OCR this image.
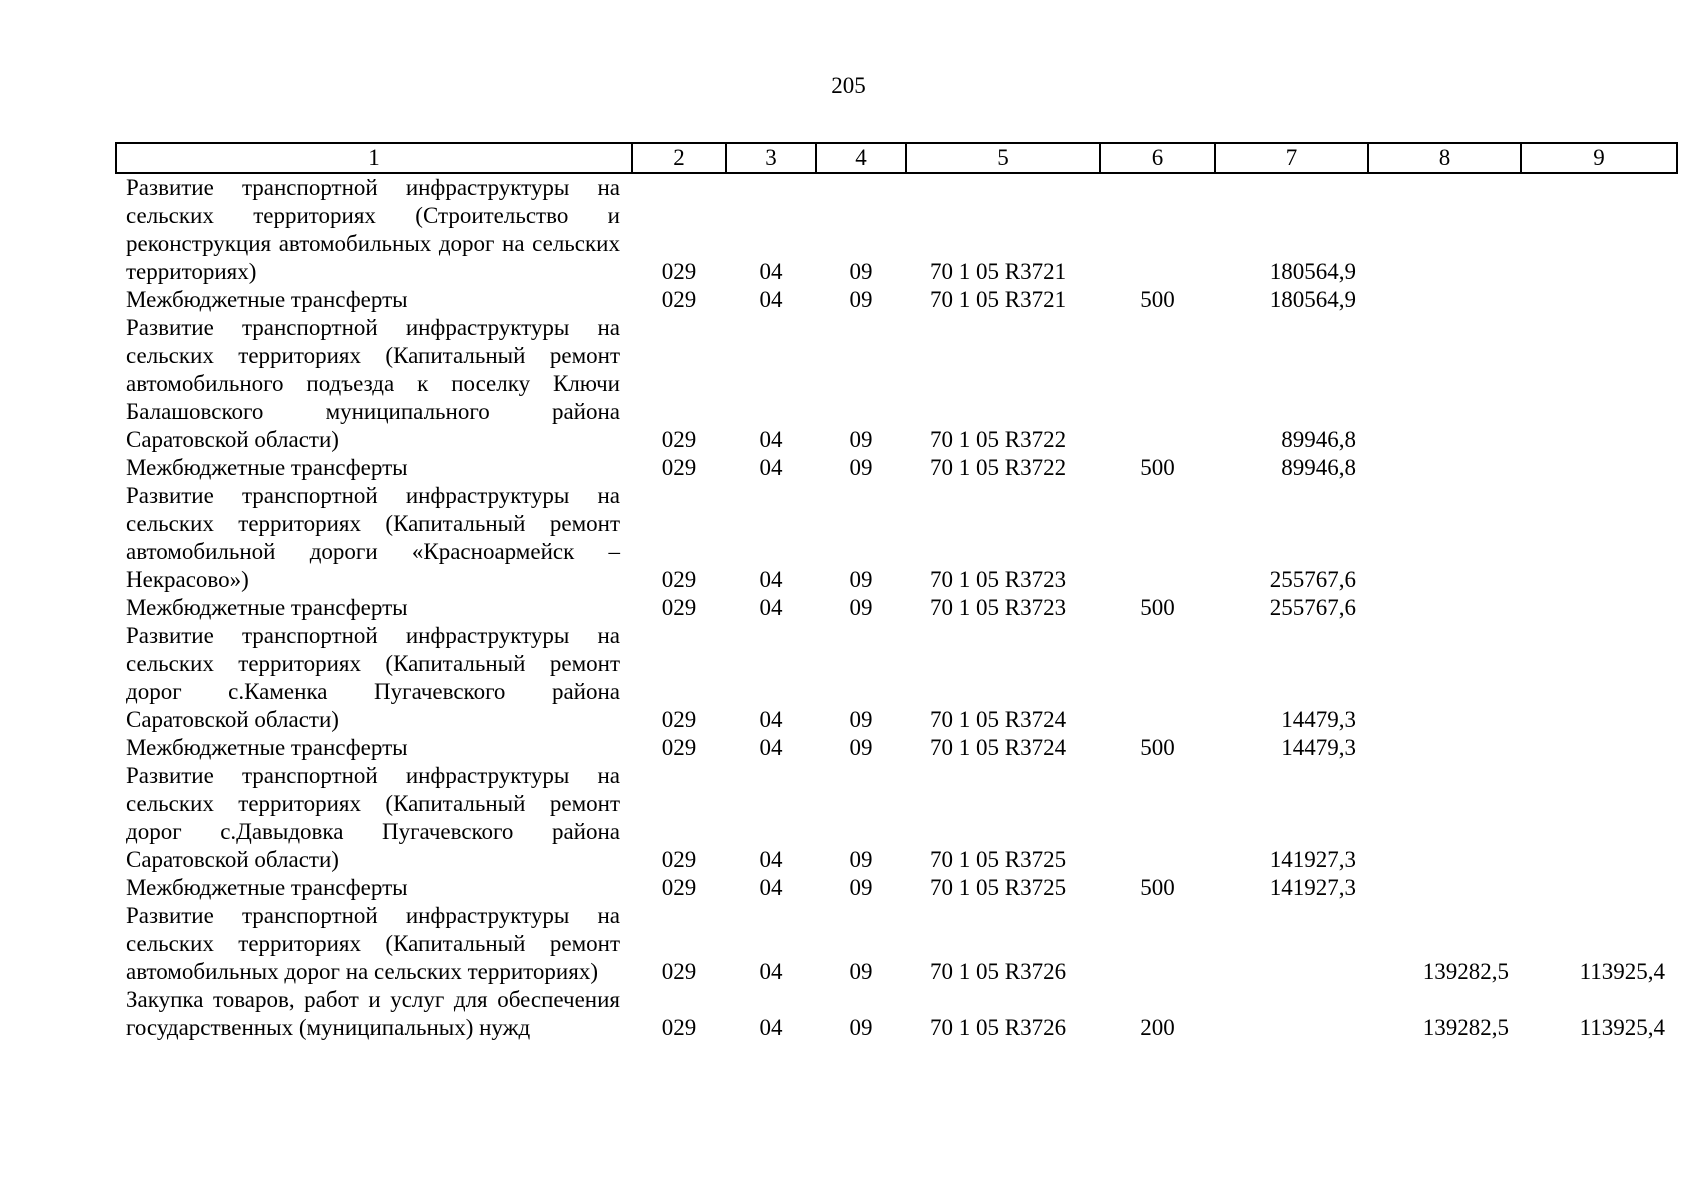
205
1	2	3	4	5	6	7	8	9
Развитие транспортной инфраструктуры на сельских территориях (Строительство и реконструкция автомобильных дорог на сельских территориях)	029	04	09	70 1 05 R3721		180564,9		
Межбюджетные трансферты	029	04	09	70 1 05 R3721	500	180564,9		
Развитие транспортной инфраструктуры на сельских территориях (Капитальный ремонт автомобильного подъезда к поселку Ключи Балашовского муниципального района Саратовской области)	029	04	09	70 1 05 R3722		89946,8		
Межбюджетные трансферты	029	04	09	70 1 05 R3722	500	89946,8		
Развитие транспортной инфраструктуры на сельских территориях (Капитальный ремонт автомобильной дороги «Красноармейск – Некрасово»)	029	04	09	70 1 05 R3723		255767,6		
Межбюджетные трансферты	029	04	09	70 1 05 R3723	500	255767,6		
Развитие транспортной инфраструктуры на сельских территориях (Капитальный ремонт дорог с.Каменка Пугачевского района Саратовской области)	029	04	09	70 1 05 R3724		14479,3		
Межбюджетные трансферты	029	04	09	70 1 05 R3724	500	14479,3		
Развитие транспортной инфраструктуры на сельских территориях (Капитальный ремонт дорог с.Давыдовка Пугачевского района Саратовской области)	029	04	09	70 1 05 R3725		141927,3		
Межбюджетные трансферты	029	04	09	70 1 05 R3725	500	141927,3		
Развитие транспортной инфраструктуры на сельских территориях (Капитальный ремонт автомобильных дорог на сельских территориях)	029	04	09	70 1 05 R3726			139282,5	113925,4
Закупка товаров, работ и услуг для обеспечения государственных (муниципальных) нужд	029	04	09	70 1 05 R3726	200		139282,5	113925,4
